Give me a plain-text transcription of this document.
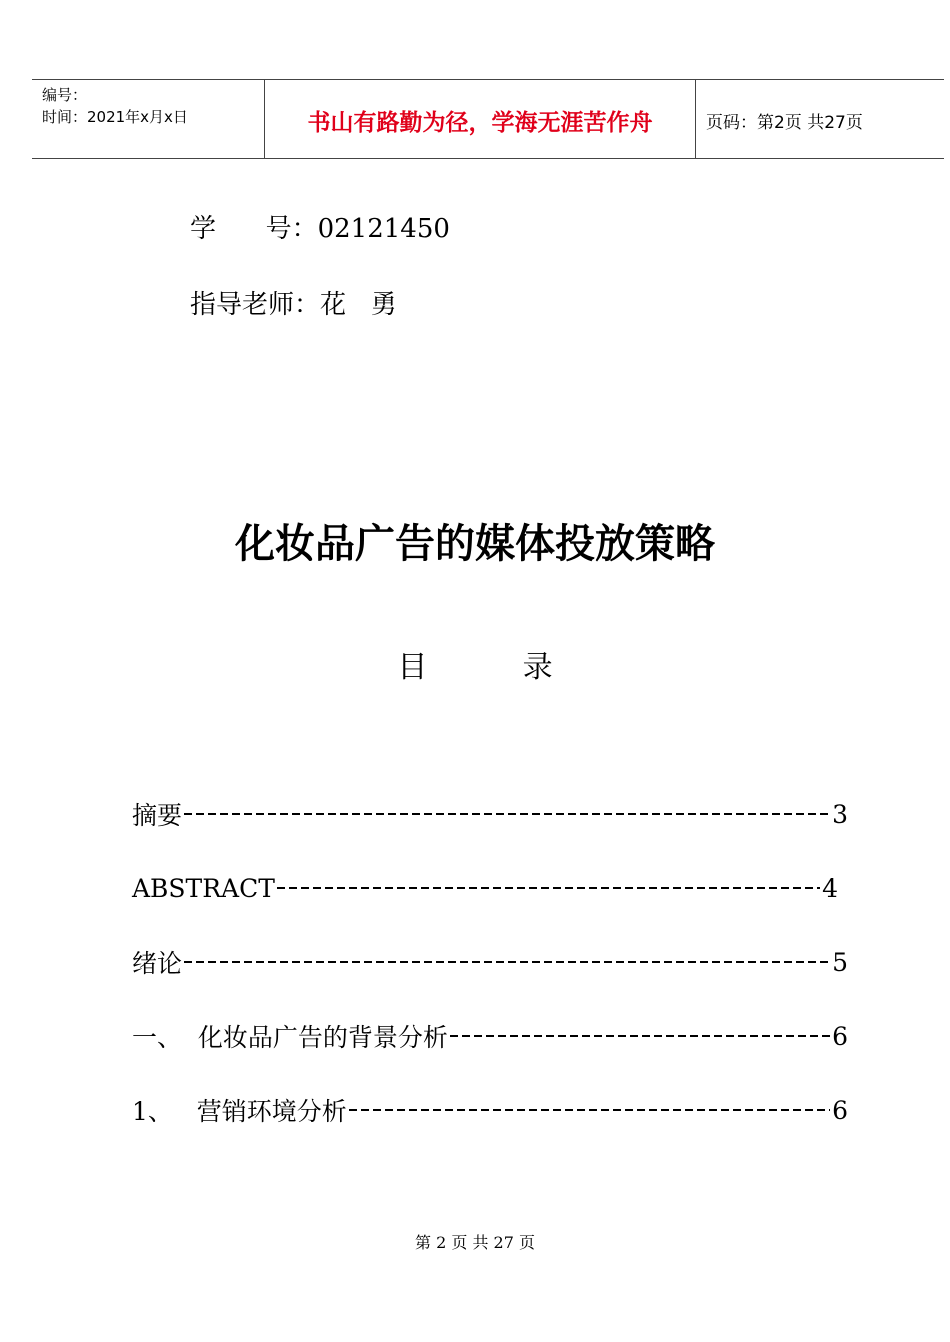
编号：
时间：2021年x月x日	书山有路勤为径，学海无涯苦作舟	页码：第2页 共27页
学      号：02121450
指导老师：花   勇
化妆品广告的媒体投放策略
目          录
摘要	3
ABSTRACT	4
绪论	5
一、  化妆品广告的背景分析	6
1、   营销环境分析	6
第 2 页 共 27 页
